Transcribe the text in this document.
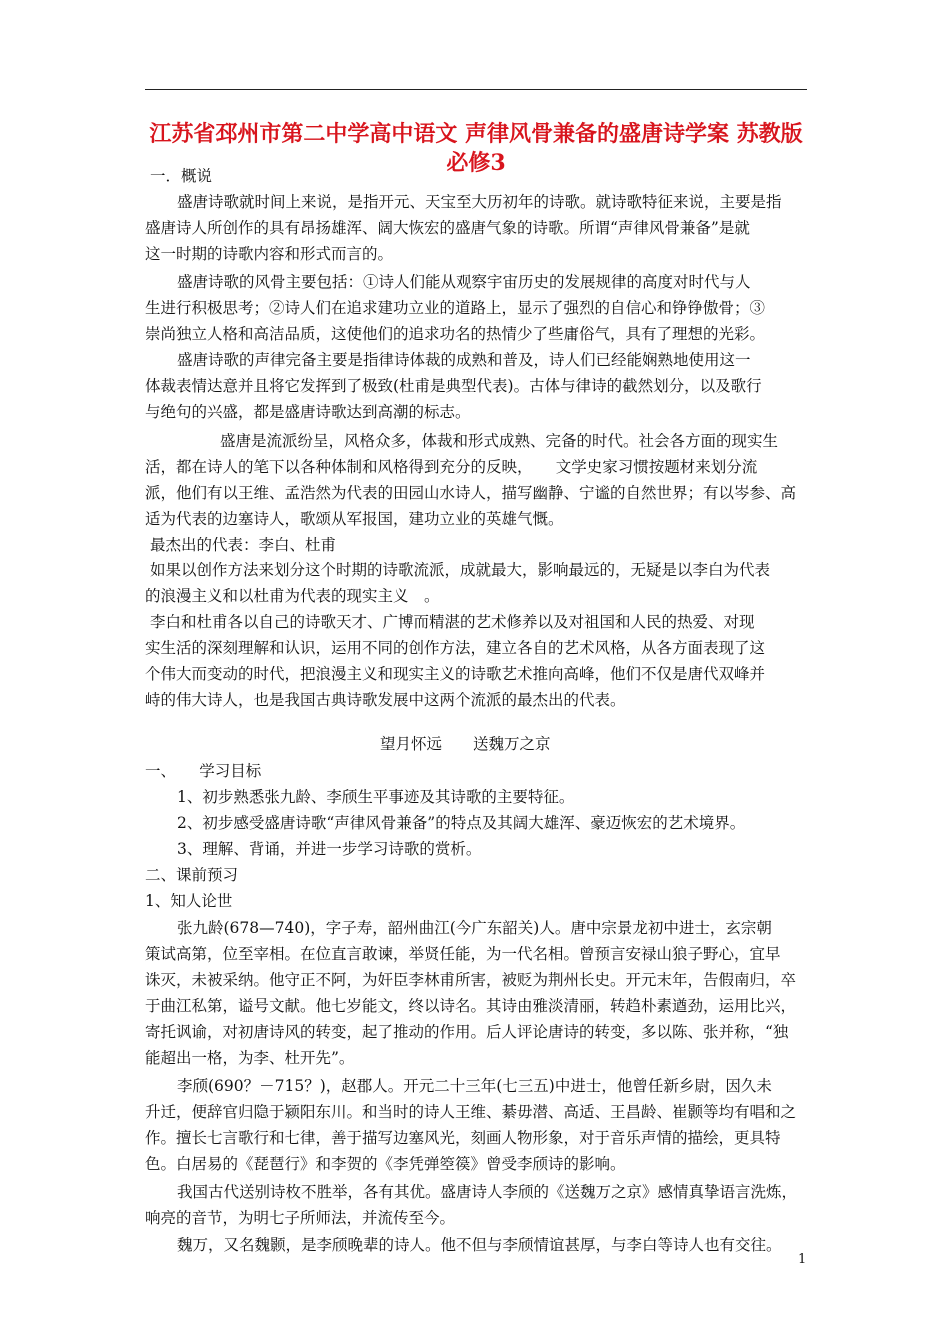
江苏省邳州市第二中学高中语文 声律风骨兼备的盛唐诗学案 苏教版必修3
一．概说
盛唐诗歌就时间上来说，是指开元、天宝至大历初年的诗歌。就诗歌特征来说，主要是指
盛唐诗人所创作的具有昂扬雄浑、阔大恢宏的盛唐气象的诗歌。所谓“声律风骨兼备”是就
这一时期的诗歌内容和形式而言的。
盛唐诗歌的风骨主要包括：①诗人们能从观察宇宙历史的发展规律的高度对时代与人
生进行积极思考；②诗人们在追求建功立业的道路上，显示了强烈的自信心和铮铮傲骨；③
崇尚独立人格和高洁品质，这使他们的追求功名的热情少了些庸俗气，具有了理想的光彩。
盛唐诗歌的声律完备主要是指律诗体裁的成熟和普及，诗人们已经能娴熟地使用这一
体裁表情达意并且将它发挥到了极致(杜甫是典型代表)。古体与律诗的截然划分，以及歌行
与绝句的兴盛，都是盛唐诗歌达到高潮的标志。
盛唐是流派纷呈，风格众多，体裁和形式成熟、完备的时代。社会各方面的现实生
活，都在诗人的笔下以各种体制和风格得到充分的反映，　　文学史家习惯按题材来划分流
派，他们有以王维、孟浩然为代表的田园山水诗人，描写幽静、宁谧的自然世界；有以岑参、高
适为代表的边塞诗人，歌颂从军报国，建功立业的英雄气慨。
最杰出的代表：李白、杜甫
如果以创作方法来划分这个时期的诗歌流派，成就最大，影响最远的，无疑是以李白为代表
的浪漫主义和以杜甫为代表的现实主义　。
李白和杜甫各以自己的诗歌天才、广博而精湛的艺术修养以及对祖国和人民的热爱、对现
实生活的深刻理解和认识，运用不同的创作方法，建立各自的艺术风格，从各方面表现了这
个伟大而变动的时代，把浪漫主义和现实主义的诗歌艺术推向高峰，他们不仅是唐代双峰并
峙的伟大诗人，也是我国古典诗歌发展中这两个流派的最杰出的代表。
望月怀远　　送魏万之京
一、　　学习目标
1、初步熟悉张九龄、李颀生平事迹及其诗歌的主要特征。
2、初步感受盛唐诗歌“声律风骨兼备”的特点及其阔大雄浑、豪迈恢宏的艺术境界。
3、理解、背诵，并进一步学习诗歌的赏析。
二、课前预习
1、知人论世
张九龄(678—740)，字子寿，韶州曲江(今广东韶关)人。唐中宗景龙初中进士，玄宗朝
策试高第，位至宰相。在位直言敢谏，举贤任能，为一代名相。曾预言安禄山狼子野心，宜早
诛灭，未被采纳。他守正不阿，为奸臣李林甫所害，被贬为荆州长史。开元末年，告假南归，卒
于曲江私第，谥号文献。他七岁能文，终以诗名。其诗由雅淡清丽，转趋朴素遒劲，运用比兴，
寄托讽谕，对初唐诗风的转变，起了推动的作用。后人评论唐诗的转变，多以陈、张并称，“独
能超出一格，为李、杜开先”。
李颀(690？－715？)，赵郡人。开元二十三年(七三五)中进士，他曾任新乡尉，因久未
升迁，便辞官归隐于颍阳东川。和当时的诗人王维、綦毋潜、高适、王昌龄、崔颢等均有唱和之
作。擅长七言歌行和七律，善于描写边塞风光，刻画人物形象，对于音乐声情的描绘，更具特
色。白居易的《琵琶行》和李贺的《李凭弹箜篌》曾受李颀诗的影响。
我国古代送别诗枚不胜举，各有其优。盛唐诗人李颀的《送魏万之京》感情真挚语言洗炼，
响亮的音节，为明七子所师法，并流传至今。
魏万，又名魏颢，是李颀晚辈的诗人。他不但与李颀情谊甚厚，与李白等诗人也有交往。
1
